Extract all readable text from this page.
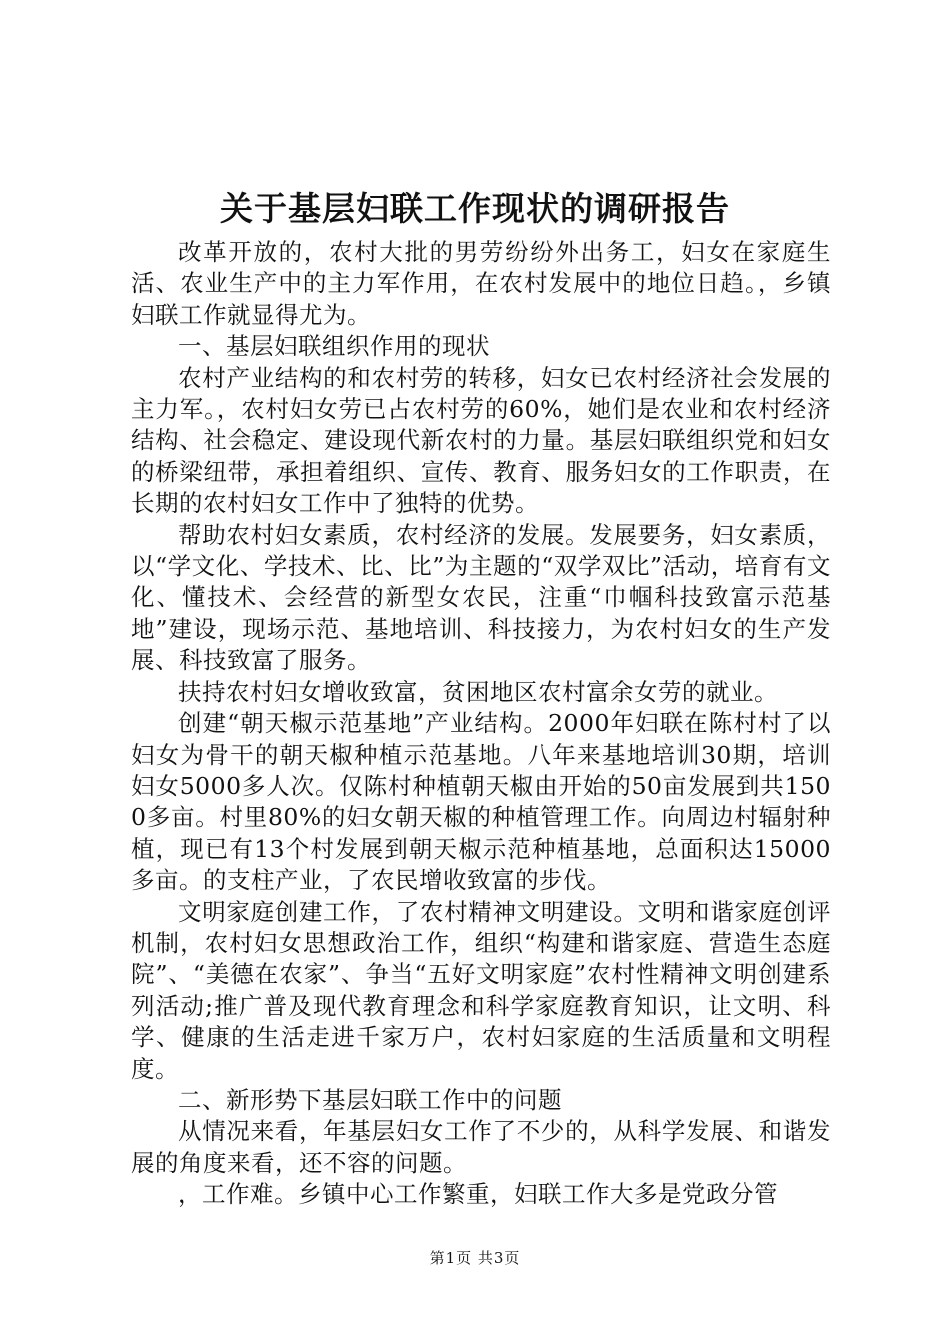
关于基层妇联工作现状的调研报告

改革开放的，农村大批的男劳纷纷外出务工，妇女在家庭生活、农业生产中的主力军作用，在农村发展中的地位日趋。，乡镇妇联工作就显得尤为。

一、基层妇联组织作用的现状

农村产业结构的和农村劳的转移，妇女已农村经济社会发展的主力军。，农村妇女劳已占农村劳的60%，她们是农业和农村经济结构、社会稳定、建设现代新农村的力量。基层妇联组织党和妇女的桥梁纽带，承担着组织、宣传、教育、服务妇女的工作职责，在长期的农村妇女工作中了独特的优势。

帮助农村妇女素质，农村经济的发展。发展要务，妇女素质，以“学文化、学技术、比、比”为主题的“双学双比”活动，培育有文化、懂技术、会经营的新型女农民，注重“巾帼科技致富示范基地”建设，现场示范、基地培训、科技接力，为农村妇女的生产发展、科技致富了服务。

扶持农村妇女增收致富，贫困地区农村富余女劳的就业。

创建“朝天椒示范基地”产业结构。2000年妇联在陈村村了以妇女为骨干的朝天椒种植示范基地。八年来基地培训30期，培训妇女5000多人次。仅陈村种植朝天椒由开始的50亩发展到共1500多亩。村里80%的妇女朝天椒的种植管理工作。向周边村辐射种植，现已有13个村发展到朝天椒示范种植基地，总面积达15000多亩。的支柱产业，了农民增收致富的步伐。

文明家庭创建工作，了农村精神文明建设。文明和谐家庭创评机制，农村妇女思想政治工作，组织“构建和谐家庭、营造生态庭院”、“美德在农家”、争当“五好文明家庭”农村性精神文明创建系列活动;推广普及现代教育理念和科学家庭教育知识，让文明、科学、健康的生活走进千家万户，农村妇家庭的生活质量和文明程度。

二、新形势下基层妇联工作中的问题

从情况来看，年基层妇女工作了不少的，从科学发展、和谐发展的角度来看，还不容的问题。

，工作难。乡镇中心工作繁重，妇联工作大多是党政分管

第1页 共3页
